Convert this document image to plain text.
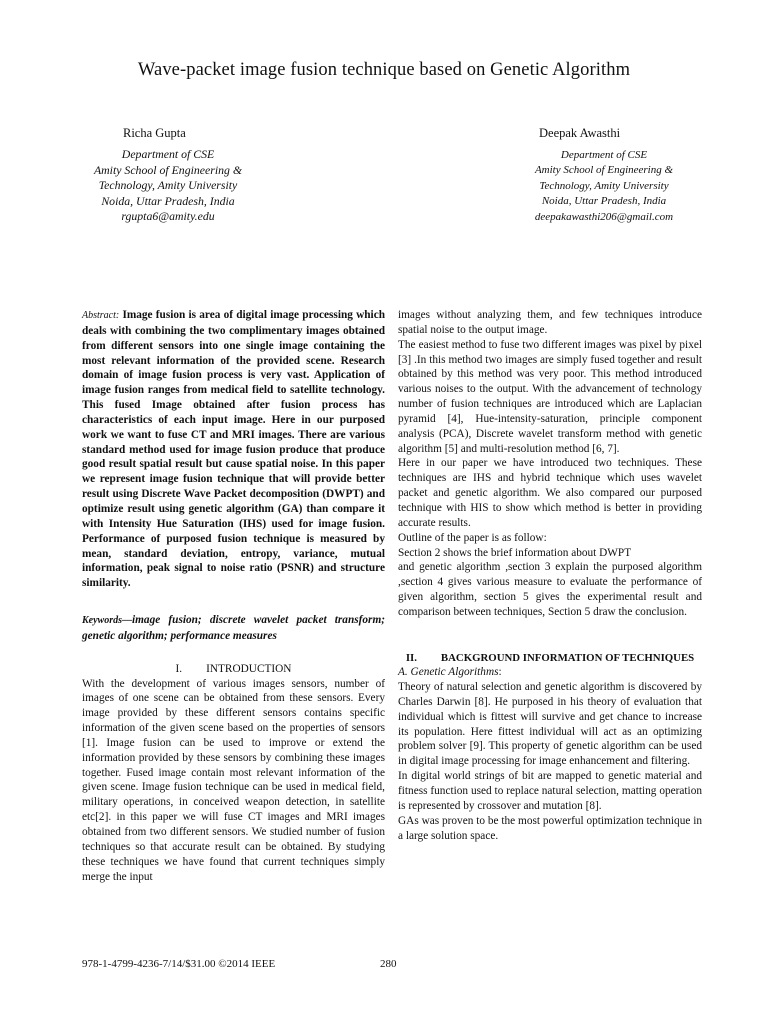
Wave-packet image fusion technique based on Genetic Algorithm
Richa Gupta
Department of CSE
Amity School of Engineering &
Technology, Amity University
Noida, Uttar Pradesh, India
rgupta6@amity.edu
Deepak Awasthi
Department of CSE
Amity School of Engineering &
Technology, Amity University
Noida, Uttar Pradesh, India
deepakawasthi206@gmail.com

Abstract: Image fusion is area of digital image processing which deals with combining the two complimentary images obtained from different sensors into one single image containing the most relevant information of the provided scene. Research domain of image fusion process is very vast. Application of image fusion ranges from medical field to satellite technology. This fused Image obtained after fusion process has characteristics of each input image. Here in our purposed work we want to fuse CT and MRI images. There are various standard method used for image fusion produce that produce good result spatial result but cause spatial noise. In this paper we represent image fusion technique that will provide better result using Discrete Wave Packet decomposition (DWPT) and optimize result using genetic algorithm (GA) than compare it with Intensity Hue Saturation (IHS) used for image fusion. Performance of purposed fusion technique is measured by mean, standard deviation, entropy, variance, mutual information, peak signal to noise ratio (PSNR) and structure similarity.

Keywords—image fusion; discrete wavelet packet transform; genetic algorithm; performance measures

I. INTRODUCTION

With the development of various images sensors, number of images of one scene can be obtained from these sensors. Every image provided by these different sensors contains specific information of the given scene based on the properties of sensors [1]. Image fusion can be used to improve or extend the information provided by these sensors by combining these images together. Fused image contain most relevant information of the given scene. Image fusion technique can be used in medical field, military operations, in conceived weapon detection, in satellite etc[2]. in this paper we will fuse CT images and MRI images obtained from two different sensors. We studied number of fusion techniques so that accurate result can be obtained. By studying these techniques we have found that current techniques simply merge the input

images without analyzing them, and few techniques introduce spatial noise to the output image.

The easiest method to fuse two different images was pixel by pixel [3] .In this method two images are simply fused together and result obtained by this method was very poor. This method introduced various noises to the output. With the advancement of technology number of fusion techniques are introduced which are Laplacian pyramid [4], Hue-intensity-saturation, principle component analysis (PCA), Discrete wavelet transform method with genetic algorithm [5] and multi-resolution method [6, 7].

Here in our paper we have introduced two techniques. These techniques are IHS and hybrid technique which uses wavelet packet and genetic algorithm. We also compared our purposed technique with HIS to show which method is better in providing accurate results.

Outline of the paper is as follow:

Section 2 shows the brief information about DWPT

and genetic algorithm ,section 3 explain the purposed algorithm ,section 4 gives various measure to evaluate the performance of given algorithm, section 5 gives the experimental result and comparison between techniques, Section 5 draw the conclusion.

II. BACKGROUND INFORMATION OF TECHNIQUES

A. Genetic Algorithms:

Theory of natural selection and genetic algorithm is discovered by Charles Darwin [8]. He purposed in his theory of evaluation that individual which is fittest will survive and get chance to increase its population. Here fittest individual will act as an optimizing problem solver [9]. This property of genetic algorithm can be used in digital image processing for image enhancement and filtering.

In digital world strings of bit are mapped to genetic material and fitness function used to replace natural selection, matting operation is represented by crossover and mutation [8].

GAs was proven to be the most powerful optimization technique in a large solution space.

978-1-4799-4236-7/14/$31.00 ©2014 IEEE	280
